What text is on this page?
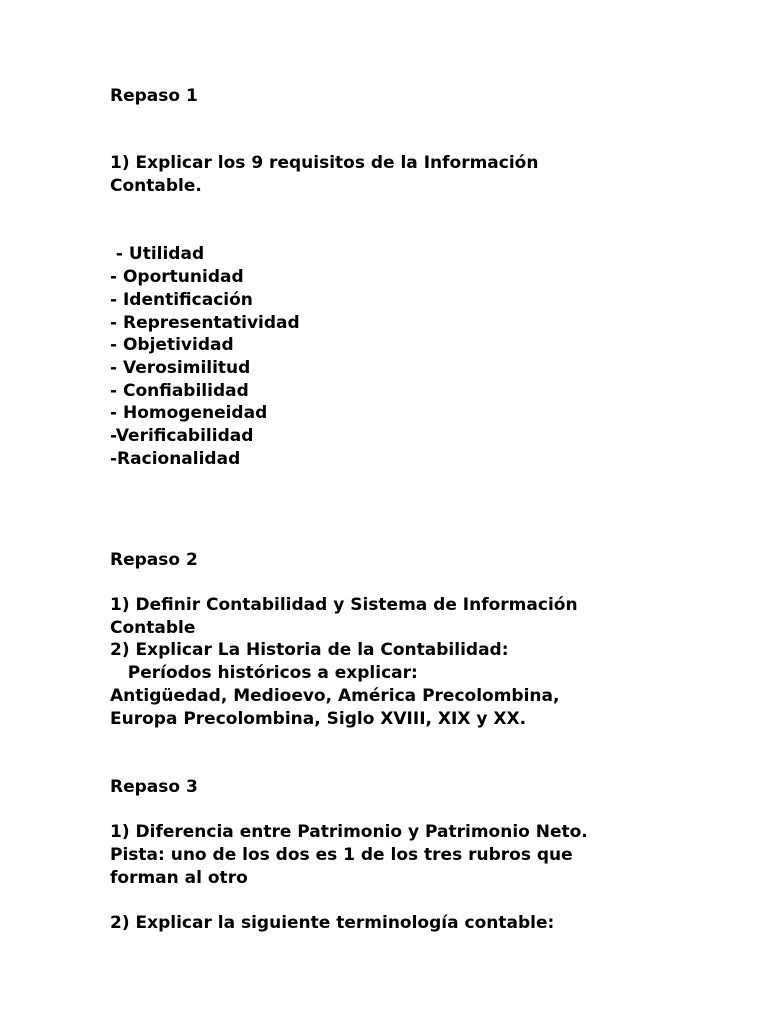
Repaso 1
1) Explicar los 9 requisitos de la Información
Contable.
- Utilidad
- Oportunidad
- Identificación
- Representatividad
- Objetividad
- Verosimilitud
- Confiabilidad
- Homogeneidad
-Verificabilidad
-Racionalidad
Repaso 2
1) Definir Contabilidad y Sistema de Información
Contable
2) Explicar La Historia de la Contabilidad:
Períodos históricos a explicar:
Antigüedad, Medioevo, América Precolombina,
Europa Precolombina, Siglo XVIII, XIX y XX.
Repaso 3
1) Diferencia entre Patrimonio y Patrimonio Neto.
Pista: uno de los dos es 1 de los tres rubros que
forman al otro
2) Explicar la siguiente terminología contable:
